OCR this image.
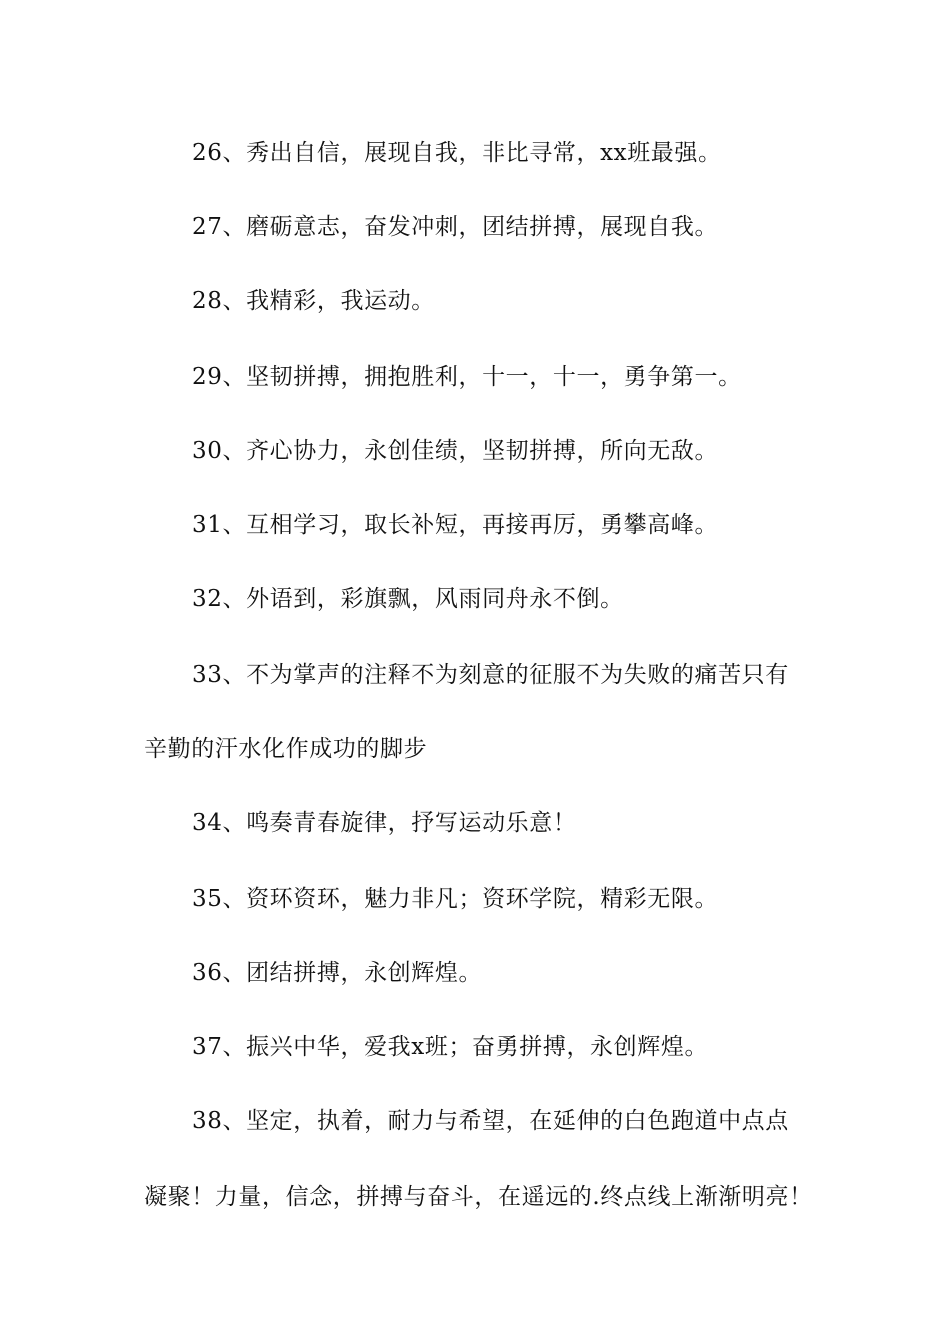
26、秀出自信，展现自我，非比寻常，xx班最强。
27、磨砺意志，奋发冲刺，团结拼搏，展现自我。
28、我精彩，我运动。
29、坚韧拼搏，拥抱胜利，十一，十一，勇争第一。
30、齐心协力，永创佳绩，坚韧拼搏，所向无敌。
31、互相学习，取长补短，再接再厉，勇攀高峰。
32、外语到，彩旗飘，风雨同舟永不倒。
33、不为掌声的注释不为刻意的征服不为失败的痛苦只有
辛勤的汗水化作成功的脚步
34、鸣奏青春旋律，抒写运动乐意！
35、资环资环，魅力非凡；资环学院，精彩无限。
36、团结拼搏，永创辉煌。
37、振兴中华，爱我x班；奋勇拼搏，永创辉煌。
38、坚定，执着，耐力与希望，在延伸的白色跑道中点点
凝聚！力量，信念，拼搏与奋斗，在遥远的.终点线上渐渐明亮！
